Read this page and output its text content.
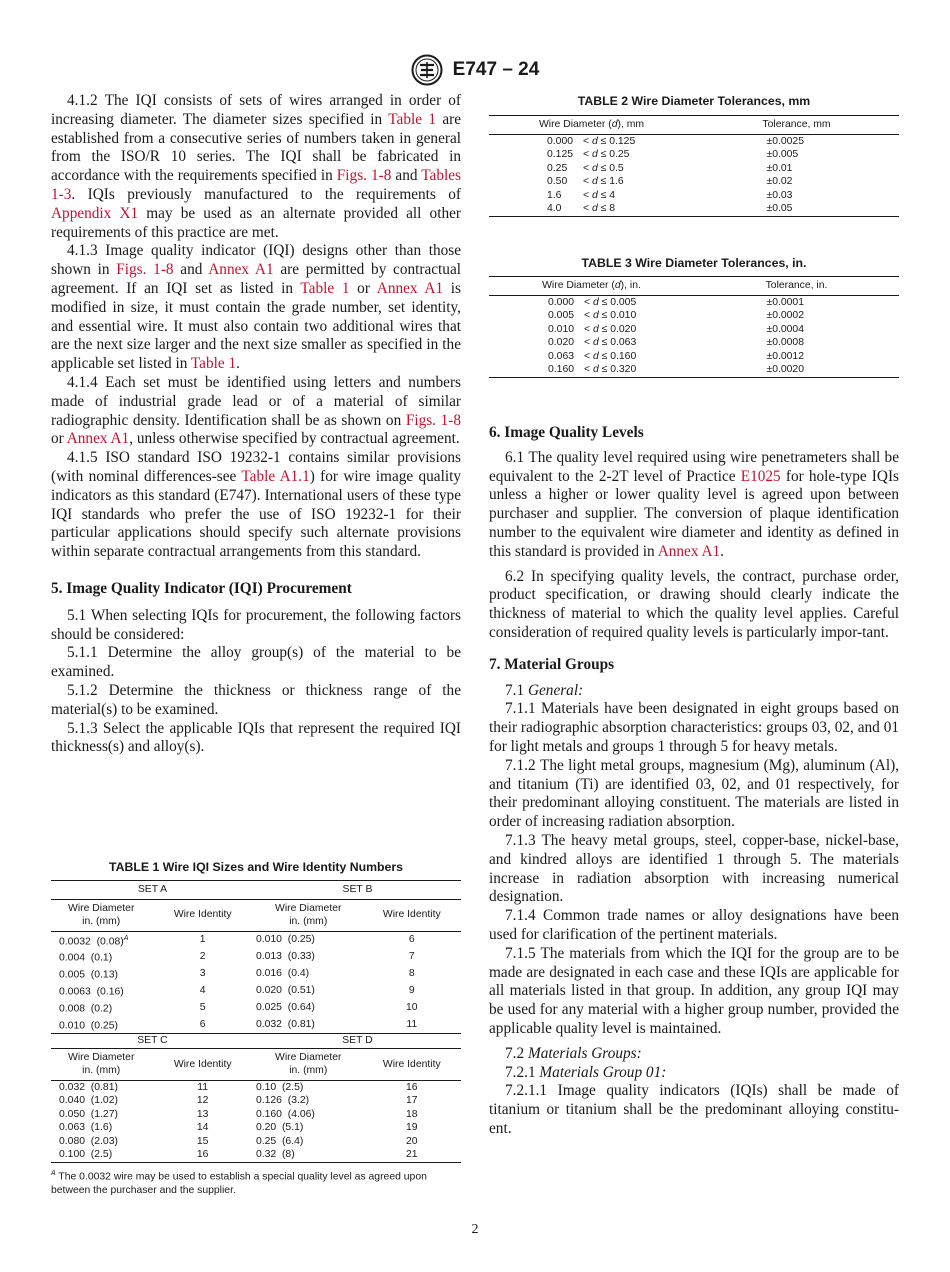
E747 – 24

4.1.2 The IQI consists of sets of wires arranged in order of increasing diameter. The diameter sizes specified in Table 1 are established from a consecutive series of numbers taken in general from the ISO/R 10 series. The IQI shall be fabricated in accordance with the requirements specified in Figs. 1-8 and Tables 1-3. IQIs previously manufactured to the requirements of Appendix X1 may be used as an alternate provided all other requirements of this practice are met.

4.1.3 Image quality indicator (IQI) designs other than those shown in Figs. 1-8 and Annex A1 are permitted by contractual agreement. If an IQI set as listed in Table 1 or Annex A1 is modified in size, it must contain the grade number, set identity, and essential wire. It must also contain two additional wires that are the next size larger and the next size smaller as specified in the applicable set listed in Table 1.

4.1.4 Each set must be identified using letters and numbers made of industrial grade lead or of a material of similar radiographic density. Identification shall be as shown on Figs. 1-8 or Annex A1, unless otherwise specified by contractual agreement.

4.1.5 ISO standard ISO 19232-1 contains similar provisions (with nominal differences-see Table A1.1) for wire image quality indicators as this standard (E747). International users of these type IQI standards who prefer the use of ISO 19232-1 for their particular applications should specify such alternate provisions within separate contractual arrangements from this standard.

5. Image Quality Indicator (IQI) Procurement

5.1 When selecting IQIs for procurement, the following factors should be considered:

5.1.1 Determine the alloy group(s) of the material to be examined.

5.1.2 Determine the thickness or thickness range of the material(s) to be examined.

5.1.3 Select the applicable IQIs that represent the required IQI thickness(s) and alloy(s).

TABLE 1 Wire IQI Sizes and Wire Identity Numbers
SET A		SET B	
Wire Diameter
in. (mm)	Wire Identity	Wire Diameter
in. (mm)	Wire Identity
0.0032 $(0.08)^A$	1	0.010 (0.25)	6
0.004 (0.1)	2	0.013 (0.33)	7
0.005 (0.13)	3	0.016 (0.4)	8
0.0063 (0.16)	4	0.020 (0.51)	9
0.008 (0.2)	5	0.025 (0.64)	10
0.010 (0.25)	6	0.032 (0.81)	11
SET C		SET D	
Wire Diameter
in. (mm)	Wire Identity	Wire Diameter
in. (mm)	Wire Identity
0.032 (0.81)	11	0.10 (2.5)	16
0.040 (1.02)	12	0.126 (3.2)	17
0.050 (1.27)	13	0.160 (4.06)	18
0.063 (1.6)	14	0.20 (5.1)	19
0.080 (2.03)	15	0.25 (6.4)	20
0.100 (2.5)	16	0.32 (8)	21
$^A$ The 0.0032 wire may be used to establish a special quality level as agreed upon between the purchaser and the supplier.
TABLE 2 Wire Diameter Tolerances, mm
Wire Diameter (d), mm	Tolerance, mm
0.000 < d ≤ 0.125	±0.0025
0.125 < d ≤ 0.25	±0.005
0.25 < d ≤ 0.5	±0.01
0.50 < d ≤ 1.6	±0.02
1.6 < d ≤ 4	±0.03
4.0 < d ≤ 8	±0.05
TABLE 3 Wire Diameter Tolerances, in.
Wire Diameter (d), in.	Tolerance, in.
0.000 < d ≤ 0.005	±0.0001
0.005 < d ≤ 0.010	±0.0002
0.010 < d ≤ 0.020	±0.0004
0.020 < d ≤ 0.063	±0.0008
0.063 < d ≤ 0.160	±0.0012
0.160 < d ≤ 0.320	±0.0020
6. Image Quality Levels

6.1 The quality level required using wire penetrameters shall be equivalent to the 2-2T level of Practice E1025 for hole-type IQIs unless a higher or lower quality level is agreed upon between purchaser and supplier. The conversion of plaque identification number to the equivalent wire diameter and identity as defined in this standard is provided in Annex A1.

6.2 In specifying quality levels, the contract, purchase order, product specification, or drawing should clearly indicate the thickness of material to which the quality level applies. Careful consideration of required quality levels is particularly impor-tant.

7. Material Groups

7.1 General:

7.1.1 Materials have been designated in eight groups based on their radiographic absorption characteristics: groups 03, 02, and 01 for light metals and groups 1 through 5 for heavy metals.

7.1.2 The light metal groups, magnesium (Mg), aluminum (Al), and titanium (Ti) are identified 03, 02, and 01 respectively, for their predominant alloying constituent. The materials are listed in order of increasing radiation absorption.

7.1.3 The heavy metal groups, steel, copper-base, nickel-base, and kindred alloys are identified 1 through 5. The materials increase in radiation absorption with increasing numerical designation.

7.1.4 Common trade names or alloy designations have been used for clarification of the pertinent materials.

7.1.5 The materials from which the IQI for the group are to be made are designated in each case and these IQIs are applicable for all materials listed in that group. In addition, any group IQI may be used for any material with a higher group number, provided the applicable quality level is maintained.

7.2 Materials Groups:

7.2.1 Materials Group 01:

7.2.1.1 Image quality indicators (IQIs) shall be made of titanium or titanium shall be the predominant alloying constitu-ent.

2
